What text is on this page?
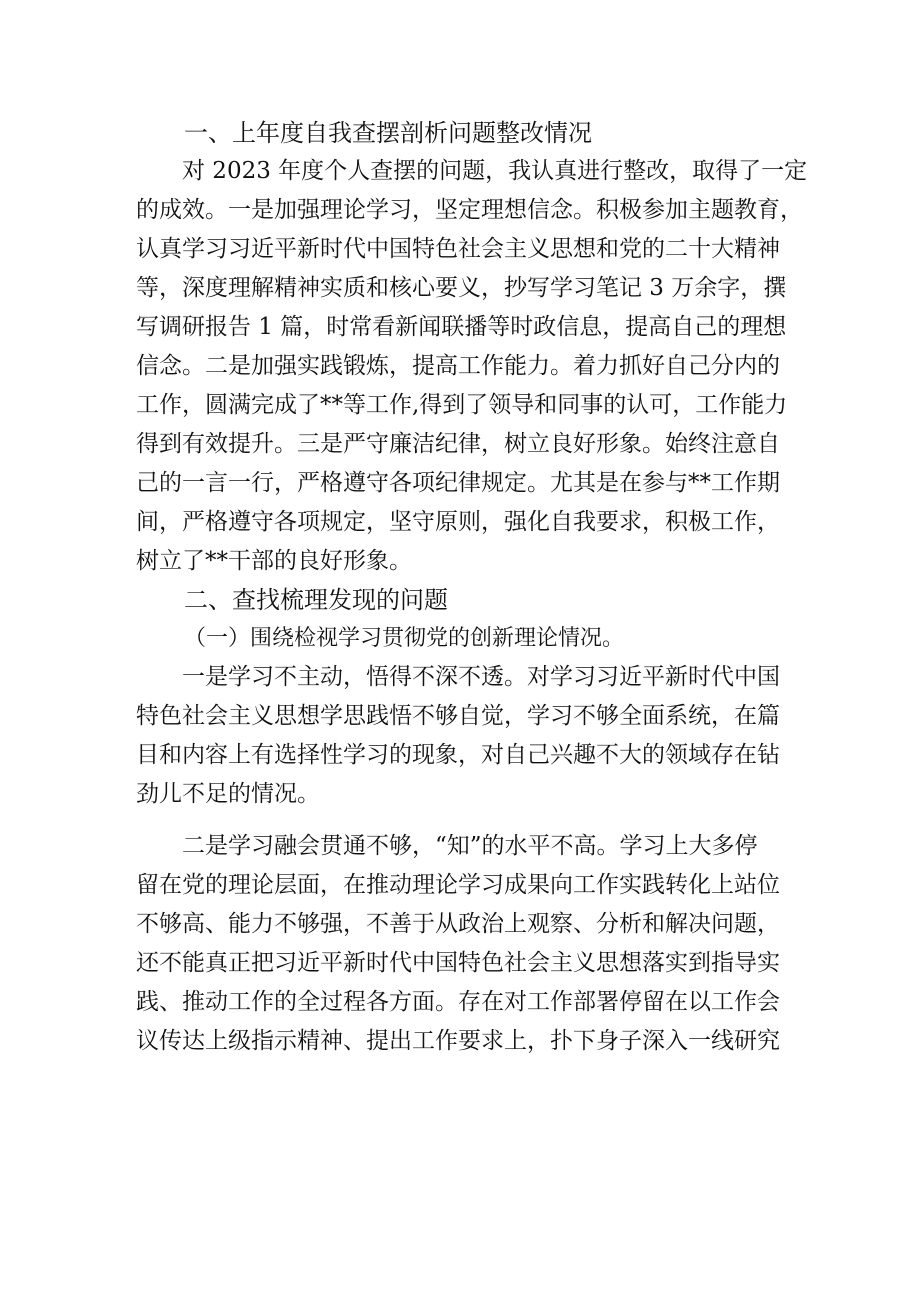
一、上年度自我查摆剖析问题整改情况
对 2023 年度个人查摆的问题，我认真进行整改，取得了一定
的成效。一是加强理论学习，坚定理想信念。积极参加主题教育，
认真学习习近平新时代中国特色社会主义思想和党的二十大精神
等，深度理解精神实质和核心要义，抄写学习笔记 3 万余字，撰
写调研报告 1 篇，时常看新闻联播等时政信息，提高自己的理想
信念。二是加强实践锻炼，提高工作能力。着力抓好自己分内的
工作，圆满完成了**等工作,得到了领导和同事的认可，工作能力
得到有效提升。三是严守廉洁纪律，树立良好形象。始终注意自
己的一言一行，严格遵守各项纪律规定。尤其是在参与**工作期
间，严格遵守各项规定，坚守原则，强化自我要求，积极工作，
树立了**干部的良好形象。
二、查找梳理发现的问题
（一）围绕检视学习贯彻党的创新理论情况。
一是学习不主动，悟得不深不透。对学习习近平新时代中国
特色社会主义思想学思践悟不够自觉，学习不够全面系统，在篇
目和内容上有选择性学习的现象，对自己兴趣不大的领域存在钻
劲儿不足的情况。
二是学习融会贯通不够，“知”的水平不高。学习上大多停
留在党的理论层面，在推动理论学习成果向工作实践转化上站位
不够高、能力不够强，不善于从政治上观察、分析和解决问题，
还不能真正把习近平新时代中国特色社会主义思想落实到指导实
践、推动工作的全过程各方面。存在对工作部署停留在以工作会
议传达上级指示精神、提出工作要求上，扑下身子深入一线研究
